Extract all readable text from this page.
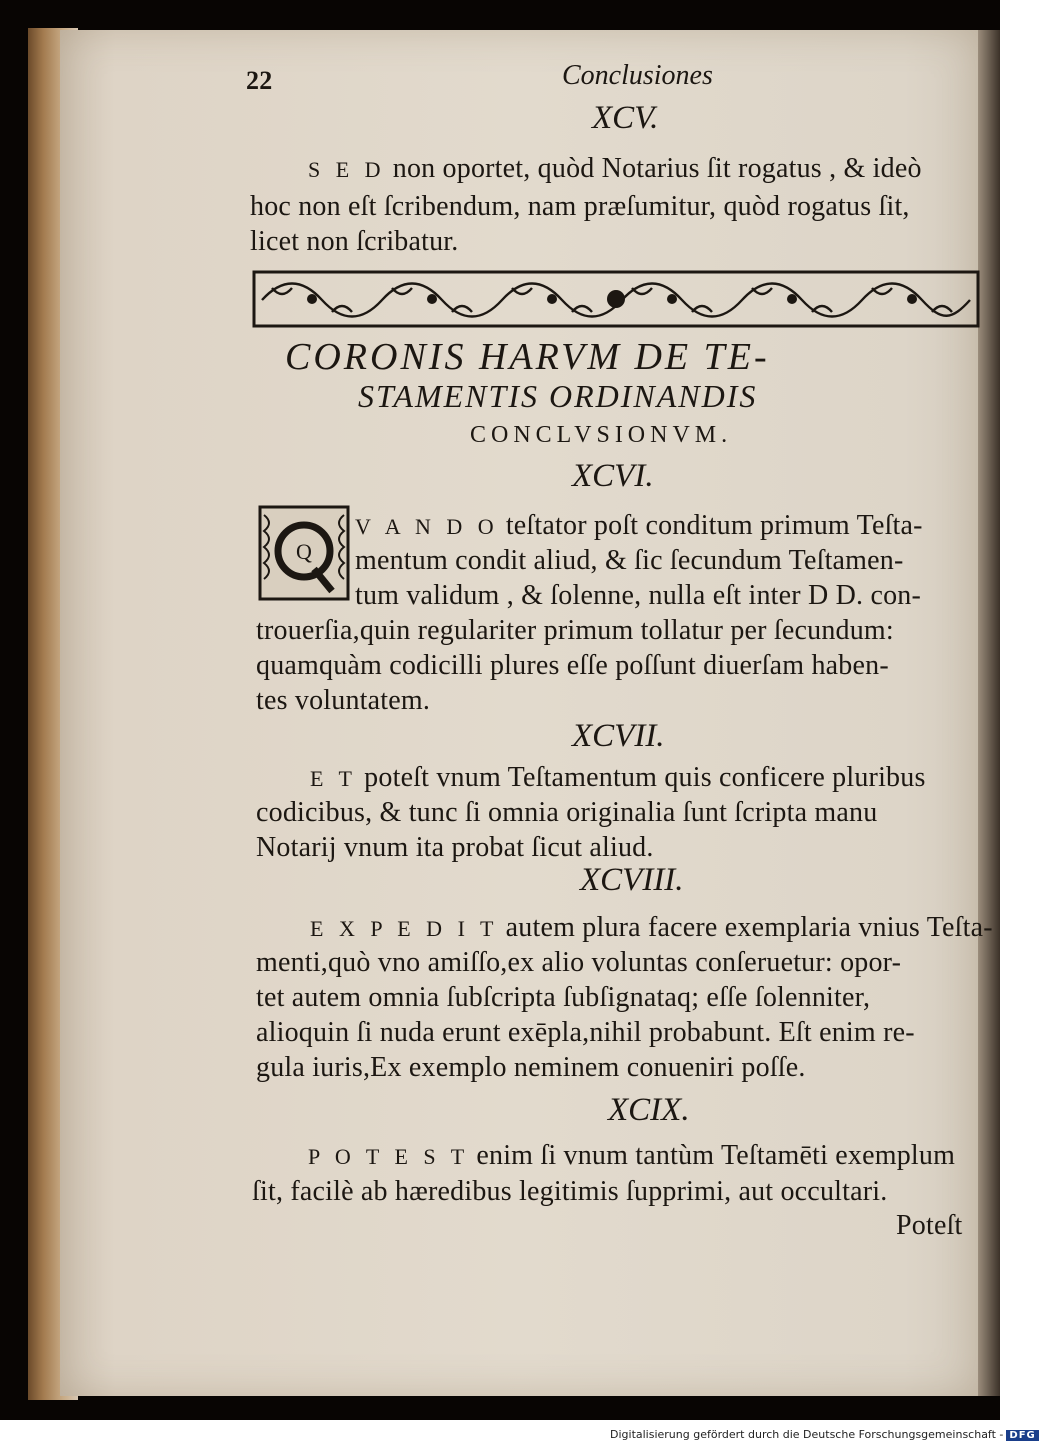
22	Conclusiones
XCV.
S E D non oportet, quòd Notarius ſit rogatus , & ideò
hoc non eſt ſcribendum, nam præſumitur, quòd rogatus ſit,
licet non ſcribatur.
CORONIS HARVM DE TE-
STAMENTIS ORDINANDIS
CONCLVSIONVM.
XCVI.
Q
V A N D O teſtator poſt conditum primum Teſta-
mentum condit aliud, & ſic ſecundum Teſtamen-
tum validum , & ſolenne, nulla eſt inter D D. con-
trouerſia,quin regulariter primum tollatur per ſecundum:
quamquàm codicilli plures eſſe poſſunt diuerſam haben-
tes voluntatem.
XCVII.
E T poteſt vnum Teſtamentum quis conficere pluribus
codicibus, & tunc ſi omnia originalia ſunt ſcripta manu
Notarij vnum ita probat ſicut aliud.
XCVIII.
E X P E D I T autem plura facere exemplaria vnius Teſta-
menti,quò vno amiſſo,ex alio voluntas conſeruetur: opor-
tet autem omnia ſubſcripta ſubſignataq; eſſe ſolenniter,
alioquin ſi nuda erunt exēpla,nihil probabunt. Eſt enim re-
gula iuris,Ex exemplo neminem conueniri poſſe.
XCIX.
P O T E S T enim ſi vnum tantùm Teſtamēti exemplum
ſit, facilè ab hæredibus legitimis ſupprimi, aut occultari.
Poteſt
Digitalisierung gefördert durch die Deutsche Forschungsgemeinschaft - DFG
